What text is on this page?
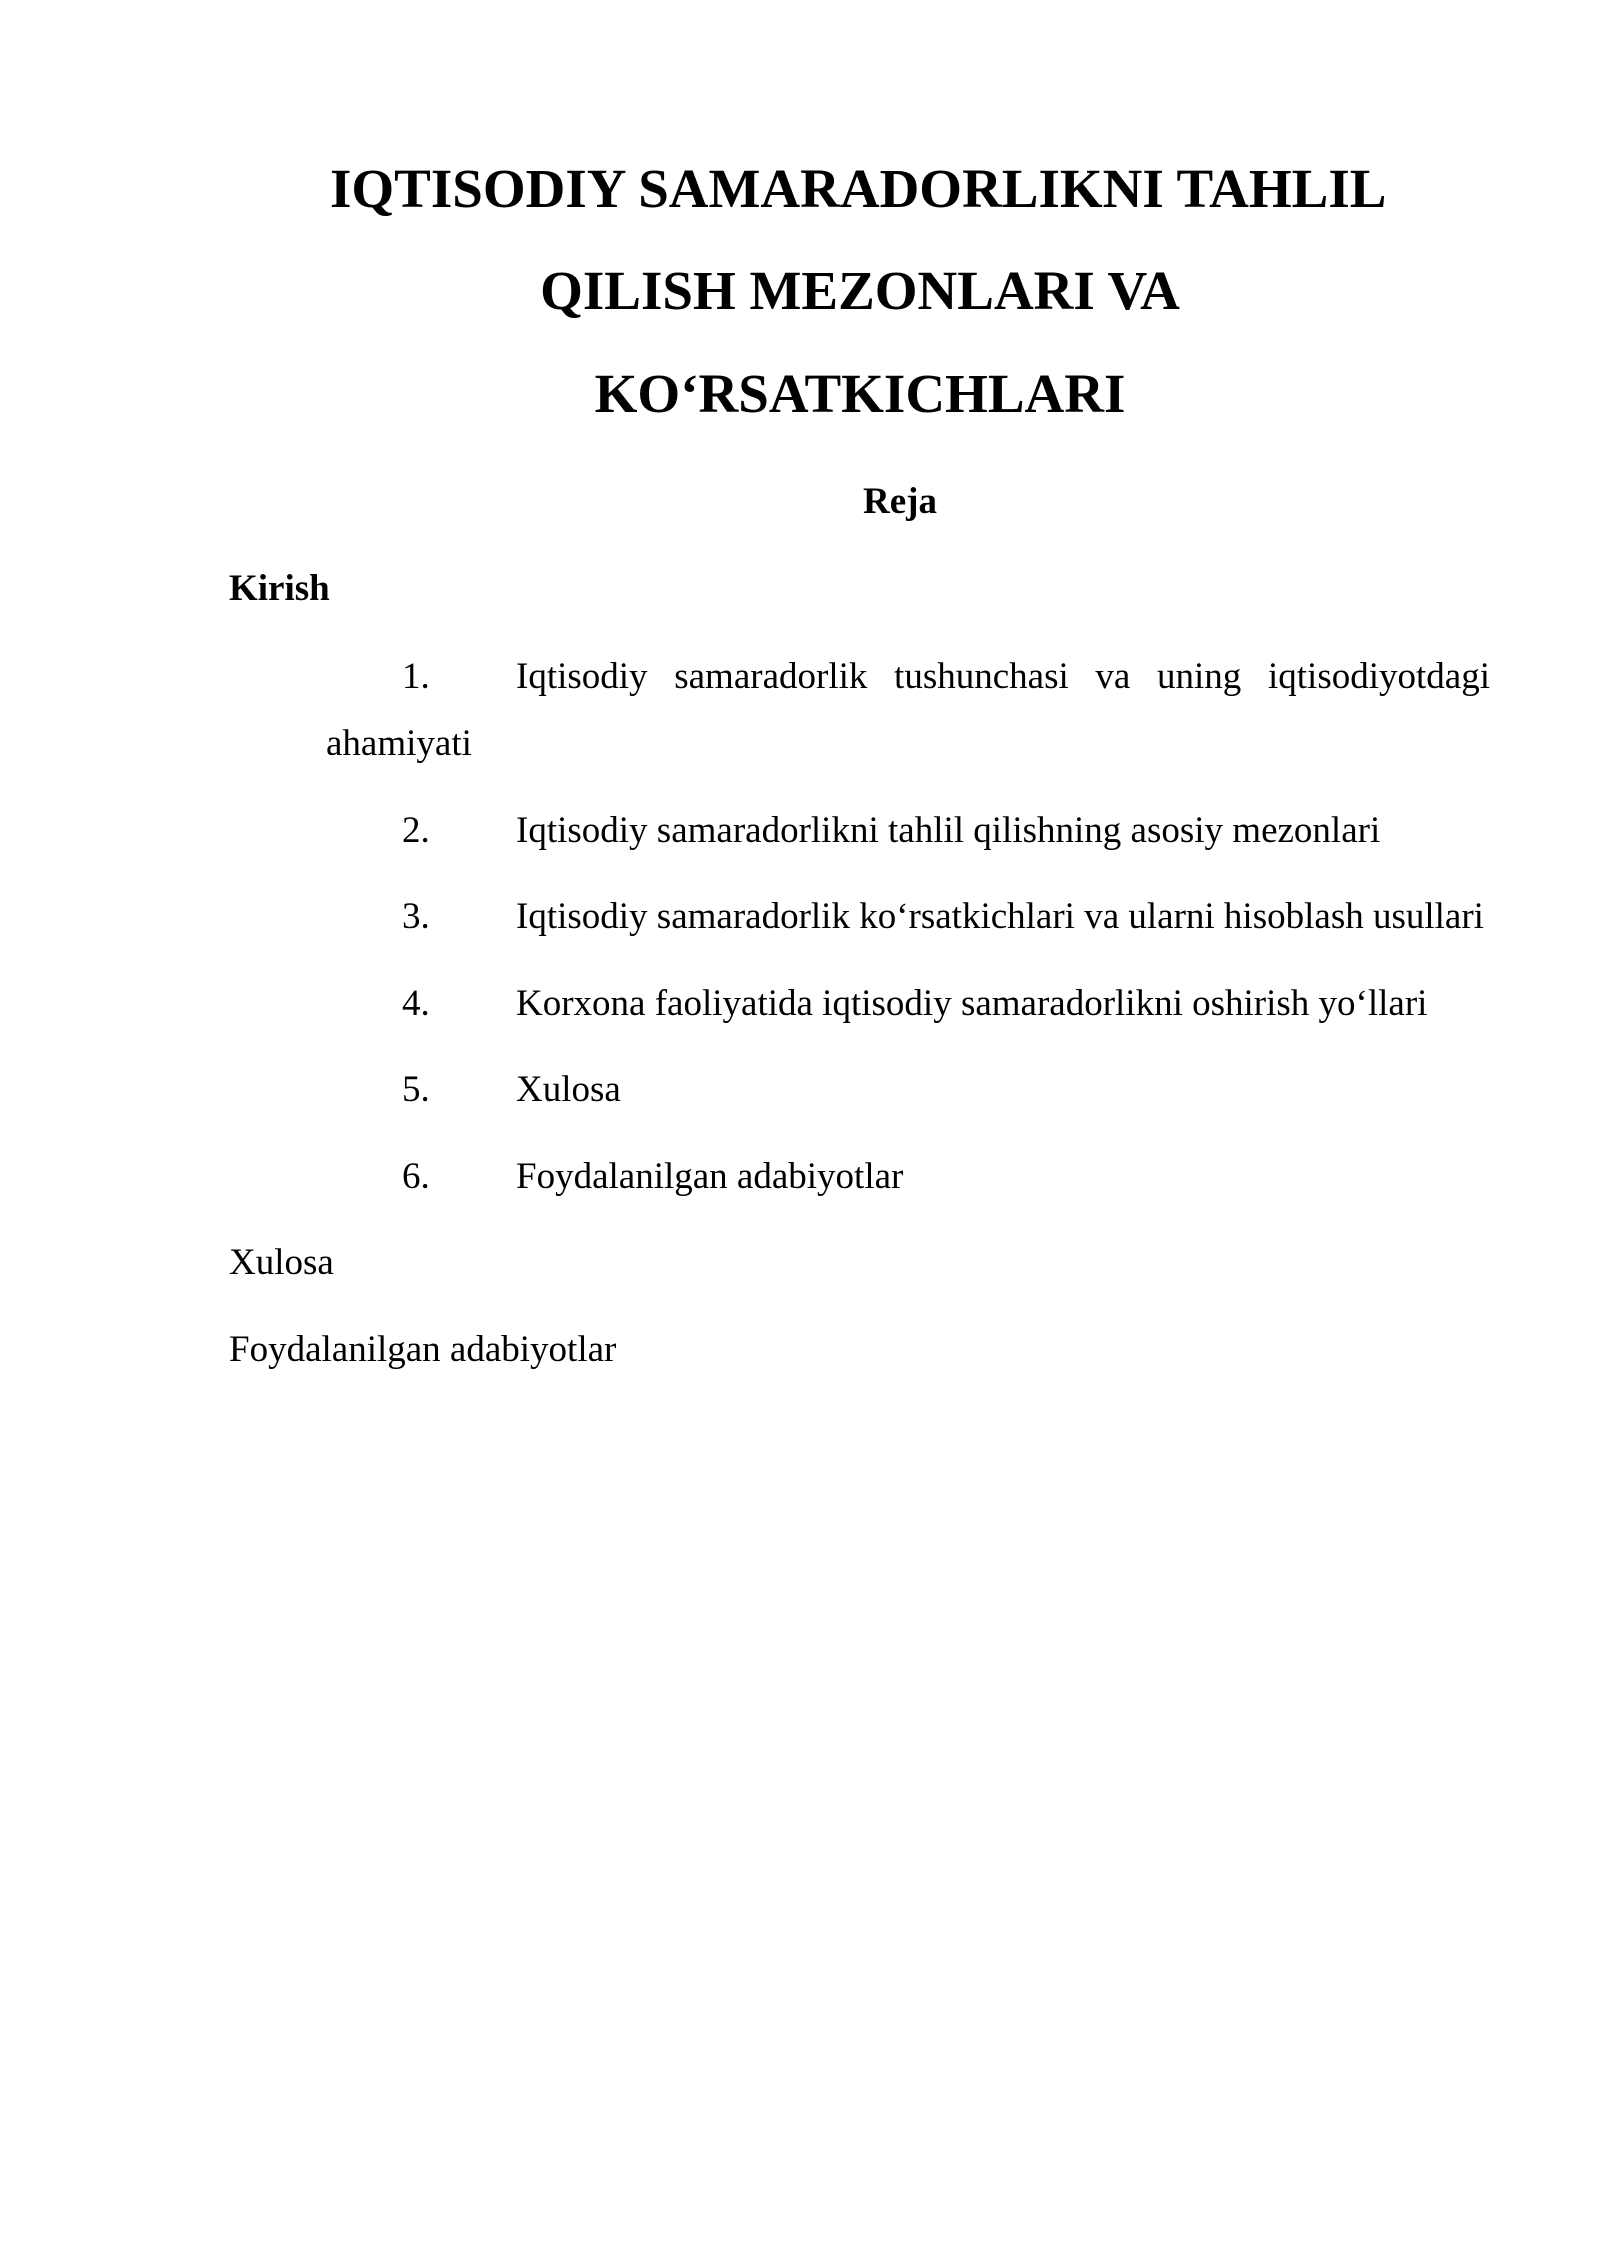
IQTISODIY SAMARADORLIKNI TAHLIL
QILISH MEZONLARI VA
KO‘RSATKICHLARI
Reja
Kirish
1. Iqtisodiy samaradorlik tushunchasi va uning iqtisodiyotdagi
ahamiyati
2. Iqtisodiy samaradorlikni tahlil qilishning asosiy mezonlari
3. Iqtisodiy samaradorlik ko‘rsatkichlari va ularni hisoblash usullari
4. Korxona faoliyatida iqtisodiy samaradorlikni oshirish yo‘llari
5. Xulosa
6. Foydalanilgan adabiyotlar
Xulosa
Foydalanilgan adabiyotlar
